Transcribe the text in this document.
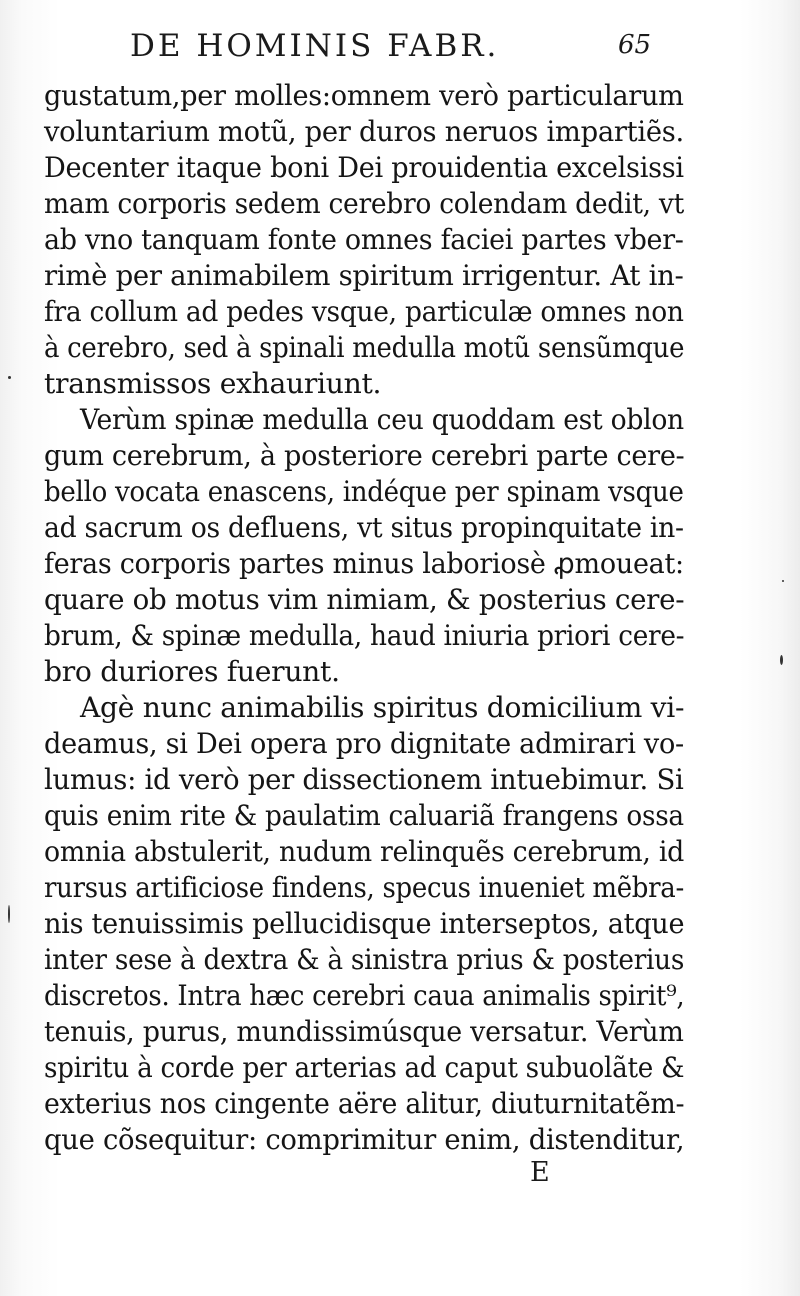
DE HOMINIS FABR.	65
gustatum,per molles:omnem verò particularum
voluntarium motũ, per duros neruos impartiẽs.
Decenter itaque boni Dei prouidentia excelsissi
mam corporis sedem cerebro colendam dedit, vt
ab vno tanquam fonte omnes faciei partes vber-
rimè per animabilem spiritum irrigentur. At in-
fra collum ad pedes vsque, particulæ omnes non
à cerebro, sed à spinali medulla motũ sensũmque
transmissos exhauriunt.
Verùm spinæ medulla ceu quoddam est oblon
gum cerebrum, à posteriore cerebri parte cere-
bello vocata enascens, indéque per spinam vsque
ad sacrum os defluens, vt situs propinquitate in-
feras corporis partes minus laboriosè ꝓmoueat:
quare ob motus vim nimiam, & posterius cere-
brum, & spinæ medulla, haud iniuria priori cere-
bro duriores fuerunt.
Agè nunc animabilis spiritus domicilium vi-
deamus, si Dei opera pro dignitate admirari vo-
lumus: id verò per dissectionem intuebimur. Si
quis enim rite & paulatim caluariã frangens ossa
omnia abstulerit, nudum relinquẽs cerebrum, id
rursus artificiose findens, specus inueniet mẽbra-
nis tenuissimis pellucidisque interseptos, atque
inter sese à dextra & à sinistra prius & posterius
discretos. Intra hæc cerebri caua animalis spirit⁹,
tenuis, purus, mundissimúsque versatur. Verùm
spiritu à corde per arterias ad caput subuolãte &
exterius nos cingente aëre alitur, diuturnitatẽm-
que cõsequitur: comprimitur enim, distenditur,
E
